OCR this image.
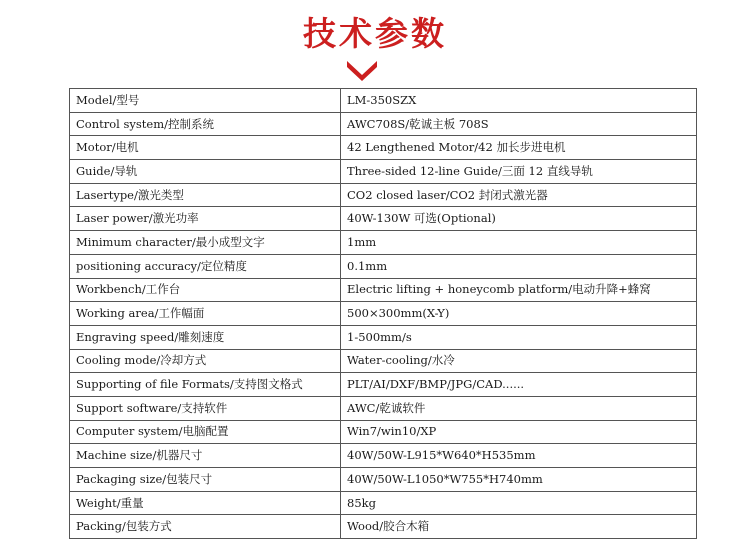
技术参数
Model/型号	LM-350SZX
Control system/控制系统	AWC708S/乾诚主板 708S
Motor/电机	42 Lengthened Motor/42 加长步进电机
Guide/导轨	Three-sided 12-line Guide/三面 12 直线导轨
Lasertype/激光类型	CO2 closed laser/CO2 封闭式激光器
Laser power/激光功率	40W-130W 可选(Optional)
Minimum character/最小成型文字	1mm
positioning accuracy/定位精度	0.1mm
Workbench/工作台	Electric lifting + honeycomb platform/电动升降+蜂窝
Working area/工作幅面	500×300mm(X-Y)
Engraving speed/雕刻速度	1-500mm/s
Cooling mode/冷却方式	Water-cooling/水冷
Supporting of file Formats/支持图文格式	PLT/AI/DXF/BMP/JPG/CAD......
Support software/支持软件	AWC/乾诚软件
Computer system/电脑配置	Win7/win10/XP
Machine size/机器尺寸	40W/50W-L915*W640*H535mm
Packaging size/包装尺寸	40W/50W-L1050*W755*H740mm
Weight/重量	85kg
Packing/包装方式	Wood/胶合木箱
